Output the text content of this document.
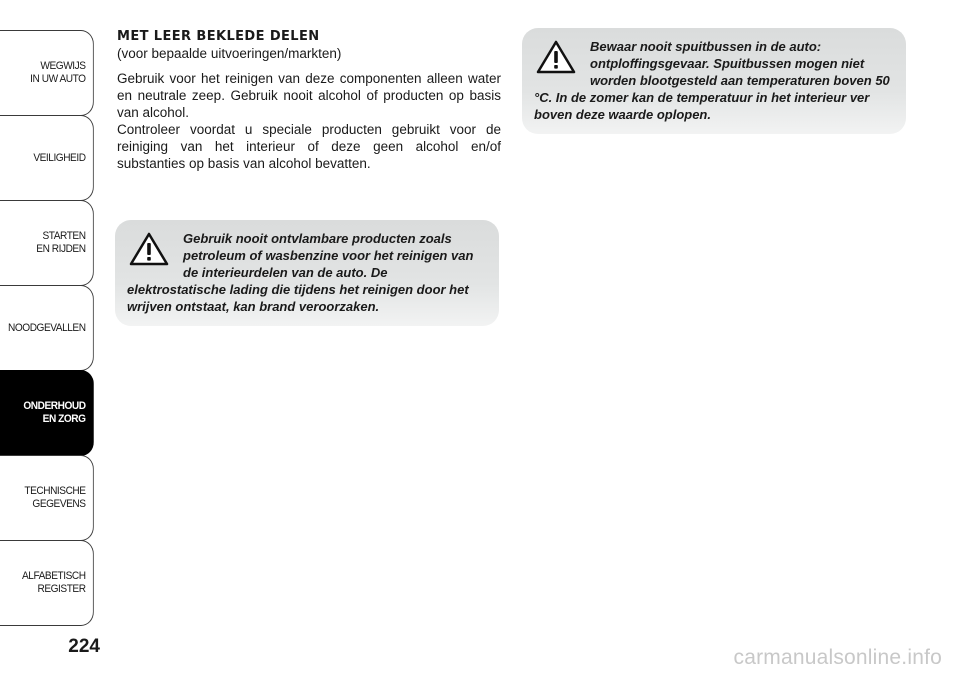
WEGWIJS
IN UW AUTO
VEILIGHEID
STARTEN
EN RIJDEN
NOODGEVALLEN
ONDERHOUD
EN ZORG
TECHNISCHE
GEGEVENS
ALFABETISCH
REGISTER
224
MET LEER BEKLEDE DELEN

(voor bepaalde uitvoeringen/markten)

Gebruik voor het reinigen van deze componenten alleen water en neutrale zeep. Gebruik nooit alcohol of producten op basis van alcohol.

Controleer voordat u speciale producten gebruikt voor de reiniging van het interieur of deze geen alcohol en/of substanties op basis van alcohol bevatten.

Gebruik nooit ontvlambare producten zoals petroleum of wasbenzine voor het reinigen van de interieurdelen van de auto. De elektrostatische lading die tijdens het reinigen door het wrijven ontstaat, kan brand veroorzaken.
Bewaar nooit spuitbussen in de auto: ontploffingsgevaar. Spuitbussen mogen niet worden blootgesteld aan temperaturen boven 50 °C. In de zomer kan de temperatuur in het interieur ver boven deze waarde oplopen.
carmanualsonline.info
